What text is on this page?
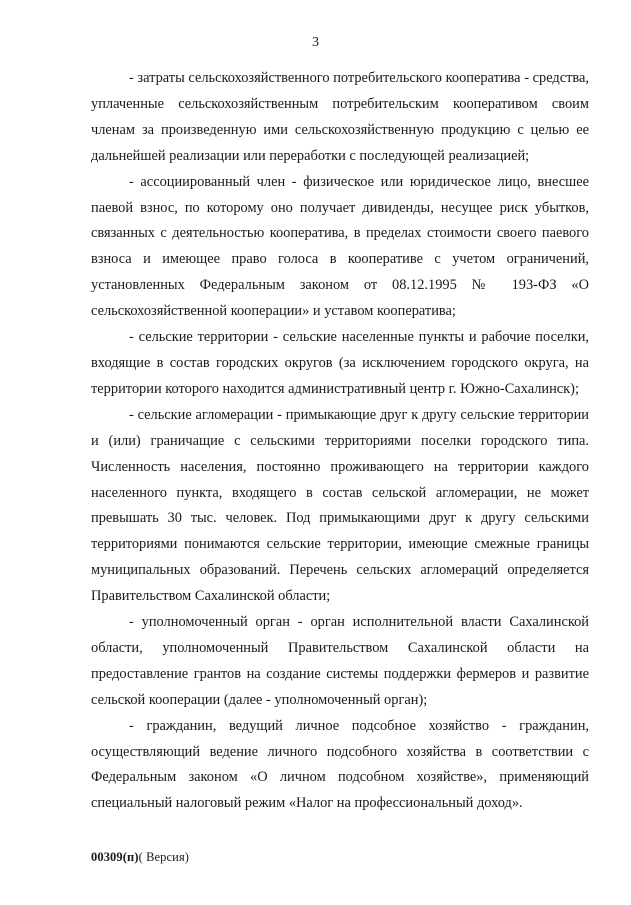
3

- затраты сельскохозяйственного потребительского кооператива - средства, уплаченные сельскохозяйственным потребительским кооперативом своим членам за произведенную ими сельскохозяйственную продукцию с целью ее дальнейшей реализации или переработки с последующей реализацией;

- ассоциированный член - физическое или юридическое лицо, внесшее паевой взнос, по которому оно получает дивиденды, несущее риск убытков, связанных с деятельностью кооператива, в пределах стоимости своего паевого взноса и имеющее право голоса в кооперативе с учетом ограничений, установленных Федеральным законом от 08.12.1995 № 193-ФЗ «О сельскохозяйственной кооперации» и уставом кооператива;

- сельские территории - сельские населенные пункты и рабочие поселки, входящие в состав городских округов (за исключением городского округа, на территории которого находится административный центр г. Южно-Сахалинск);

- сельские агломерации - примыкающие друг к другу сельские территории и (или) граничащие с сельскими территориями поселки городского типа. Численность населения, постоянно проживающего на территории каждого населенного пункта, входящего в состав сельской агломерации, не может превышать 30 тыс. человек. Под примыкающими друг к другу сельскими территориями понимаются сельские территории, имеющие смежные границы муниципальных образований. Перечень сельских агломераций определяется Правительством Сахалинской области;

- уполномоченный орган - орган исполнительной власти Сахалинской области, уполномоченный Правительством Сахалинской области на предоставление грантов на создание системы поддержки фермеров и развитие сельской кооперации (далее - уполномоченный орган);

- гражданин, ведущий личное подсобное хозяйство - гражданин, осуществляющий ведение личного подсобного хозяйства в соответствии с Федеральным законом «О личном подсобном хозяйстве», применяющий специальный налоговый режим «Налог на профессиональный доход».

00309(п)( Версия)
